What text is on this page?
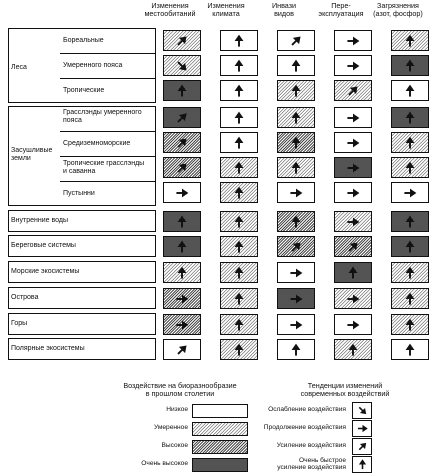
Изменения
местообитаний
Изменения
климата
Инвази
видов
Пере-
эксплуатация
Загрязнения
(азот, фосфор)
Леса
Засушливые
земли
Бореальные
Умеренного пояса
Тропические
Грасслэнды умеренного
пояса
Средиземноморские
Тропические грасслэнды
и саванна
Пустынни
Внутренние воды
Береговые системы
Морские экосистемы
Острова
Горы
Полярные экосистемы
Воздействие на биоразнообразие
в прошлом столетии
Низкое
Умеренное
Высокое
Очень высокое
Тенденции изменений
современных воздействий
Ослабление воздействия
Продолжение воздействия
Усиление воздействия
Очень быстрое
усиление воздействия
